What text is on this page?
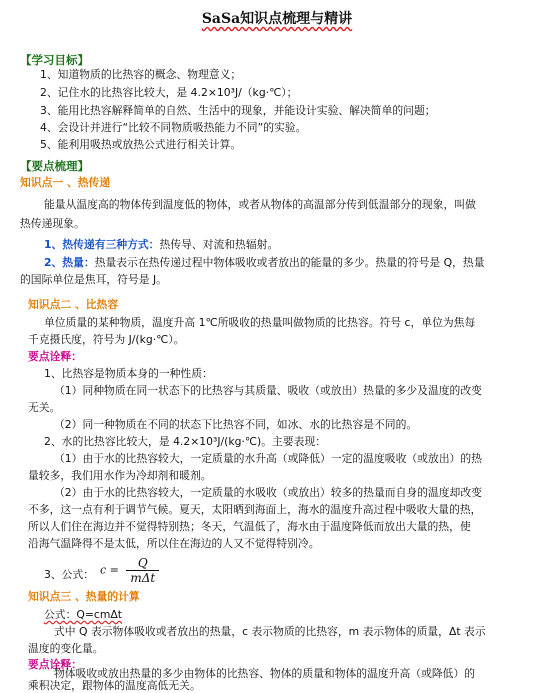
SaSa知识点梳理与精讲
【学习目标】
1、知道物质的比热容的概念、物理意义；
2、记住水的比热容比较大，是 4.2×10³J/（kg·℃）；
3、能用比热容解释简单的自然、生活中的现象，并能设计实验、解决简单的问题；
4、会设计并进行“比较不同物质吸热能力不同”的实验。
5、能利用吸热或放热公式进行相关计算。
【要点梳理】
知识点一 、热传递
能量从温度高的物体传到温度低的物体，或者从物体的高温部分传到低温部分的现象，叫做
热传递现象。
1、热传递有三种方式：热传导、对流和热辐射。
2、热量：热量表示在热传递过程中物体吸收或者放出的能量的多少。热量的符号是 Q，热量
的国际单位是焦耳，符号是 J。
知识点二 、比热容
单位质量的某种物质，温度升高 1℃所吸收的热量叫做物质的比热容。符号 c，单位为焦每
千克摄氏度，符号为 J/(kg·℃）。
要点诠释：
1、比热容是物质本身的一种性质：
（1）同种物质在同一状态下的比热容与其质量、吸收（或放出）热量的多少及温度的改变
无关。
（2）同一种物质在不同的状态下比热容不同，如冰、水的比热容是不同的。
2、水的比热容比较大，是 4.2×10³J/(kg·℃)。主要表现：
（1）由于水的比热容较大，一定质量的水升高（或降低）一定的温度吸收（或放出）的热
量较多，我们用水作为冷却剂和暖剂。
（2）由于水的比热容较大，一定质量的水吸收（或放出）较多的热量而自身的温度却改变
不多，这一点有利于调节气候。夏天，太阳晒到海面上，海水的温度升高过程中吸收大量的热，
所以人们住在海边并不觉得特别热；冬天，气温低了，海水由于温度降低而放出大量的热，使
沿海气温降得不是太低，所以住在海边的人又不觉得特别冷。
3、公式： $c = \frac{Q}{\text{mΔt}}$
知识点三 、热量的计算
公式：Q=cmΔt
式中 Q 表示物体吸收或者放出的热量，c 表示物质的比热容，m 表示物体的质量，Δt 表示
温度的变化量。
要点诠释：
物体吸收或放出热量的多少由物体的比热容、物体的质量和物体的温度升高（或降低）的
乘积决定，跟物体的温度高低无关。
